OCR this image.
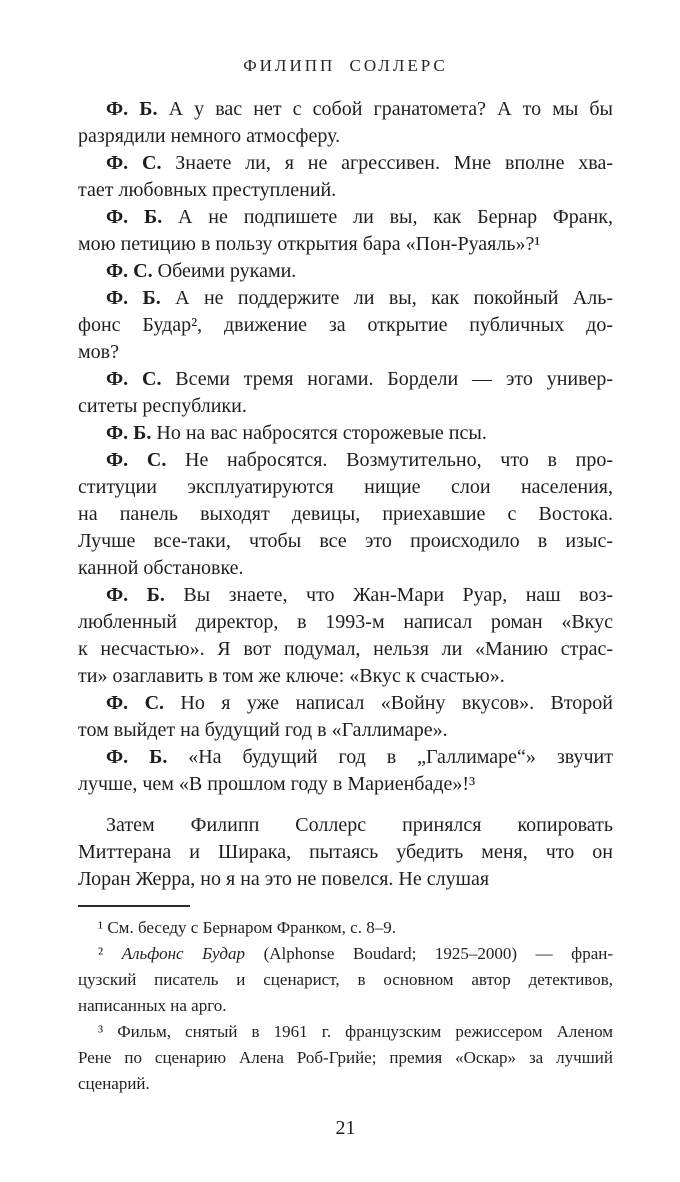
ФИЛИПП СОЛЛЕРС

Ф. Б. А у вас нет с собой гранатомета? А то мы бы
разрядили немного атмосферу.

Ф. С. Знаете ли, я не агрессивен. Мне вполне хва-
тает любовных преступлений.

Ф. Б. А не подпишете ли вы, как Бернар Франк,
мою петицию в пользу открытия бара «Пон-Руаяль»?¹

Ф. С. Обеими руками.

Ф. Б. А не поддержите ли вы, как покойный Аль-
фонс Будар², движение за открытие публичных до-
мов?

Ф. С. Всеми тремя ногами. Бордели — это универ-
ситеты республики.

Ф. Б. Но на вас набросятся сторожевые псы.

Ф. С. Не набросятся. Возмутительно, что в про-
ституции эксплуатируются нищие слои населения,
на панель выходят девицы, приехавшие с Востока.
Лучше все-таки, чтобы все это происходило в изыс-
канной обстановке.

Ф. Б. Вы знаете, что Жан-Мари Руар, наш воз-
любленный директор, в 1993-м написал роман «Вкус
к несчастью». Я вот подумал, нельзя ли «Манию страс-
ти» озаглавить в том же ключе: «Вкус к счастью».

Ф. С. Но я уже написал «Войну вкусов». Второй
том выйдет на будущий год в «Галлимаре».

Ф. Б. «На будущий год в „Галлимаре“» звучит
лучше, чем «В прошлом году в Мариенбаде»!³

Затем Филипп Соллерс принялся копировать
Миттерана и Ширака, пытаясь убедить меня, что он
Лоран Жерра, но я на это не повелся. Не слушая

¹ См. беседу с Бернаром Франком, с. 8–9.

² Альфонс Будар (Alphonse Boudard; 1925–2000) — фран-
цузский писатель и сценарист, в основном автор детективов,
написанных на арго.

³ Фильм, снятый в 1961 г. французским режиссером Аленом
Рене по сценарию Алена Роб-Грийе; премия «Оскар» за лучший
сценарий.

21
